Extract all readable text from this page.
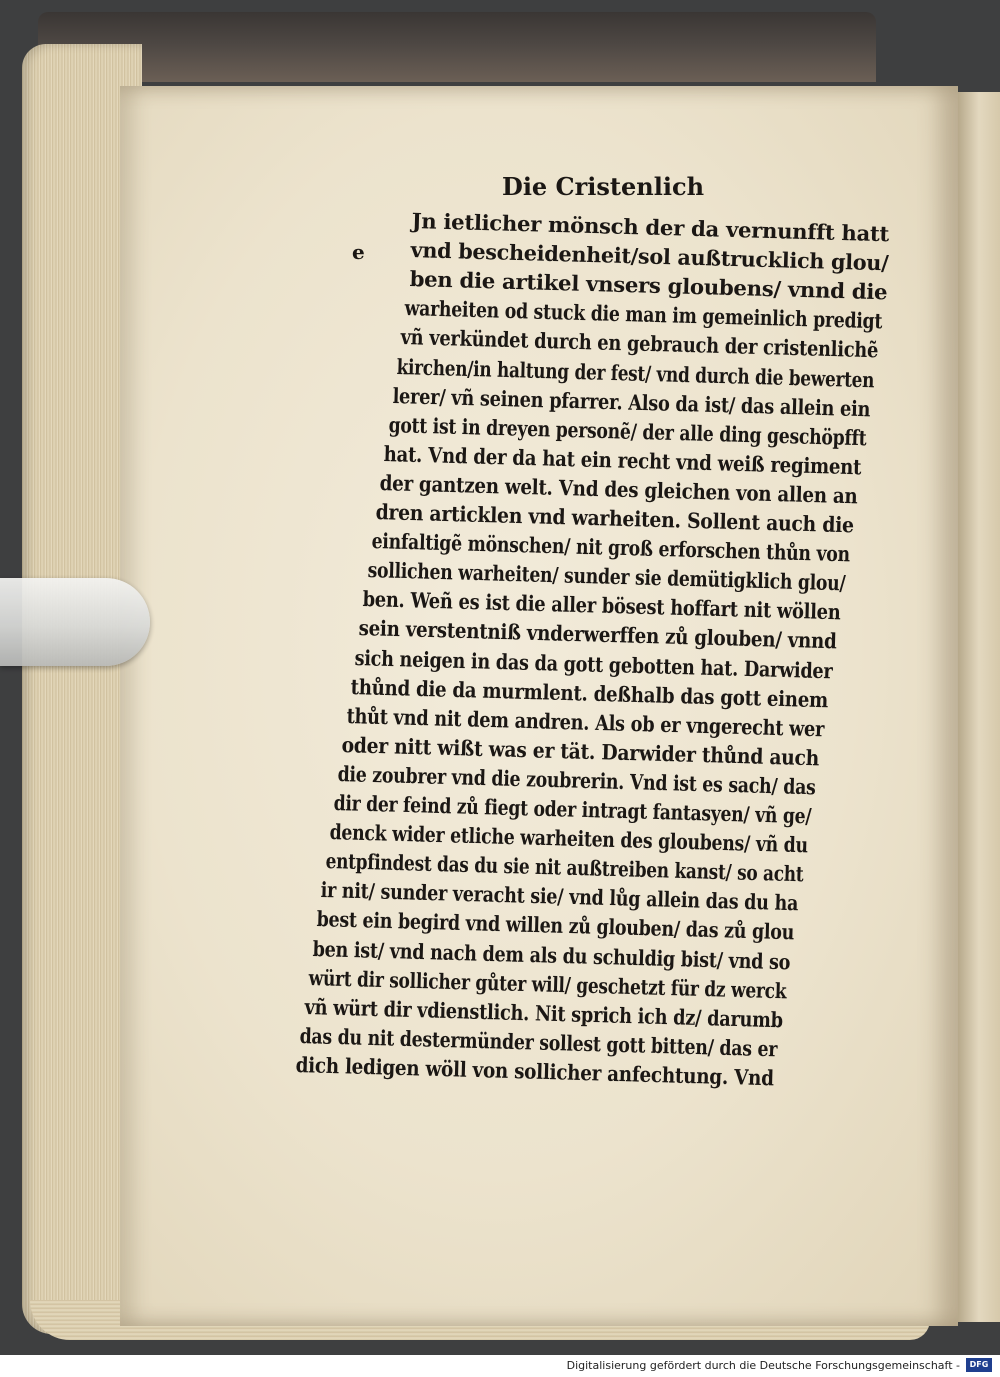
Die Cristenlich
e
Jn ietlicher mönsch der da vernunfft hatt
vnd bescheidenheit/sol außtrucklich glou/
ben die artikel vnsers gloubens/ vnnd die
warheiten od stuck die man im gemeinlich predigt
vñ verkündet durch en gebrauch der cristenlichẽ
kirchen/in haltung der fest/ vnd durch die bewerten
lerer/ vñ seinen pfarrer. Also da ist/ das allein ein
gott ist in dreyen personẽ/ der alle ding geschöpfft
hat. Vnd der da hat ein recht vnd weiß regiment
der gantzen welt. Vnd des gleichen von allen an
dren articklen vnd warheiten. Sollent auch die
einfaltigẽ mönschen/ nit groß erforschen thůn von
sollichen warheiten/ sunder sie demütigklich glou/
ben. Weñ es ist die aller bösest hoffart nit wöllen
sein verstentniß vnderwerffen zů glouben/ vnnd
sich neigen in das da gott gebotten hat. Darwider
thůnd die da murmlent. deßhalb das gott einem
thůt vnd nit dem andren. Als ob er vngerecht wer
oder nitt wißt was er tät. Darwider thůnd auch
die zoubrer vnd die zoubrerin. Vnd ist es sach/ das
dir der feind zů fiegt oder intragt fantasyen/ vñ ge/
denck wider etliche warheiten des gloubens/ vñ du
entpfindest das du sie nit außtreiben kanst/ so acht
ir nit/ sunder veracht sie/ vnd lůg allein das du ha
best ein begird vnd willen zů glouben/ das zů glou
ben ist/ vnd nach dem als du schuldig bist/ vnd so
würt dir sollicher gůter will/ geschetzt für dz werck
vñ würt dir vdienstlich. Nit sprich ich dz/ darumb
das du nit destermünder sollest gott bitten/ das er
dich ledigen wöll von sollicher anfechtung. Vnd
Digitalisierung gefördert durch die Deutsche Forschungsgemeinschaft -	DFG
